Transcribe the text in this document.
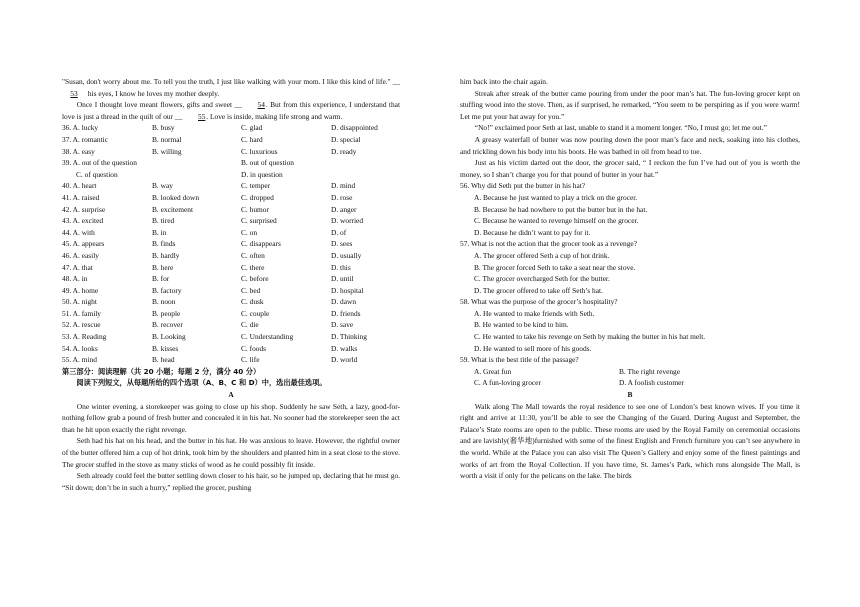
"Susan, don't worry about me. To tell you the truth, I just like walking with your mom. I like this kind of life." __53 his eyes, I know he loves my mother deeply.

Once I thought love meant flowers, gifts and sweet __ 54. But from this experience, I understand that love is just a thread in the quilt of our __ 55. Love is inside, making life strong and warm.

36. A. lucky	B. busy	C. glad	D. disappointed
37. A. romantic	B. normal	C. hard	D. special
38. A. easy	B. willing	C. luxurious	D. ready
39. A. out of the question	B. out of question
C. of question	D. in question
40. A. heart	B. way	C. temper	D. mind
41. A. raised	B. looked down	C. dropped	D. rose
42. A. surprise	B. excitement	C. humor	D. anger
43. A. excited	B. tired	C. surprised	D. worried
44. A. with	B. in	C. on	D. of
45. A. appears	B. finds	C. disappears	D. sees
46. A. easily	B. hardly	C. often	D. usually
47. A. that	B. here	C. there	D. this
48. A. in	B. for	C. before	D. until
49. A. home	B. factory	C. bed	D. hospital
50. A. night	B. noon	C. dusk	D. dawn
51. A. family	B. people	C. couple	D. friends
52. A. rescue	B. recover	C. die	D. save
53. A. Reading	B. Looking	C. Understanding	D. Thinking
54. A. looks	B. kisses	C. foods	D. walks
55. A. mind	B. head	C. life	D. world
第三部分：阅读理解（共 20 小题；每题 2 分，满分 40 分）
阅读下列短文，从每题所给的四个选项（A、B、C 和 D）中，选出最佳选项。
A

One winter evening, a storekeeper was going to close up his shop. Suddenly he saw Seth, a lazy, good-for-nothing fellow grab a pound of fresh butter and concealed it in his hat. No sooner had the storekeeper seen the act than he hit upon exactly the right revenge.

Seth had his hat on his head, and the butter in his hat. He was anxious to leave. However, the rightful owner of the butter offered him a cup of hot drink, took him by the shoulders and planted him in a seat close to the stove. The grocer stuffed in the stove as many sticks of wood as he could possibly fit inside.

Seth already could feel the butter settling down closer to his hair, so he jumped up, declaring that he must go. “Sit down; don’t be in such a hurry,” replied the grocer, pushing

him back into the chair again.

Streak after streak of the butter came pouring from under the poor man’s hat. The fun-loving grocer kept on stuffing wood into the stove. Then, as if surprised, he remarked, “You seem to be perspiring as if you were warm! Let me put your hat away for you.”

“No!” exclaimed poor Seth at last, unable to stand it a moment longer. “No, I must go; let me out.”

A greasy waterfall of butter was now pouring down the poor man’s face and neck, soaking into his clothes, and trickling down his body into his boots. He was bathed in oil from head to toe.

Just as his victim darted out the door, the grocer said, “ I reckon the fun I’ve had out of you is worth the money, so I shan’t charge you for that pound of butter in your hat.”

56. Why did Seth put the butter in his hat?
A. Because he just wanted to play a trick on the grocer.
B. Because he had nowhere to put the butter but in the hat.
C. Because he wanted to revenge himself on the grocer.
D. Because he didn’t want to pay for it.
57. What is not the action that the grocer took as a revenge?
A. The grocer offered Seth a cup of hot drink.
B. The grocer forced Seth to take a seat near the stove.
C. The grocer overcharged Seth for the butter.
D. The grocer offered to take off Seth’s hat.
58. What was the purpose of the grocer’s hospitality?
A. He wanted to make friends with Seth.
B. He wanted to be kind to him.
C. He wanted to take his revenge on Seth by making the butter in his hat melt.
D. He wanted to sell more of his goods.
59. What is the best title of the passage?
A. Great fun	B. The right revenge
C. A fun-loving grocer	D. A foolish customer
B

Walk along The Mall towards the royal residence to see one of London’s best known wives. If you time it right and arrive at 11:30, you’ll be able to see the Changing of the Guard. During August and September, the Palace’s State rooms are open to the public. These rooms are used by the Royal Family on ceremonial occasions and are lavishly(奢华地)furnished with some of the finest English and French furniture you can’t see anywhere in the world. While at the Palace you can also visit The Queen’s Gallery and enjoy some of the finest paintings and works of art from the Royal Collection. If you have time, St. James’s Park, which runs alongside The Mall, is worth a visit if only for the pelicans on the lake. The birds
